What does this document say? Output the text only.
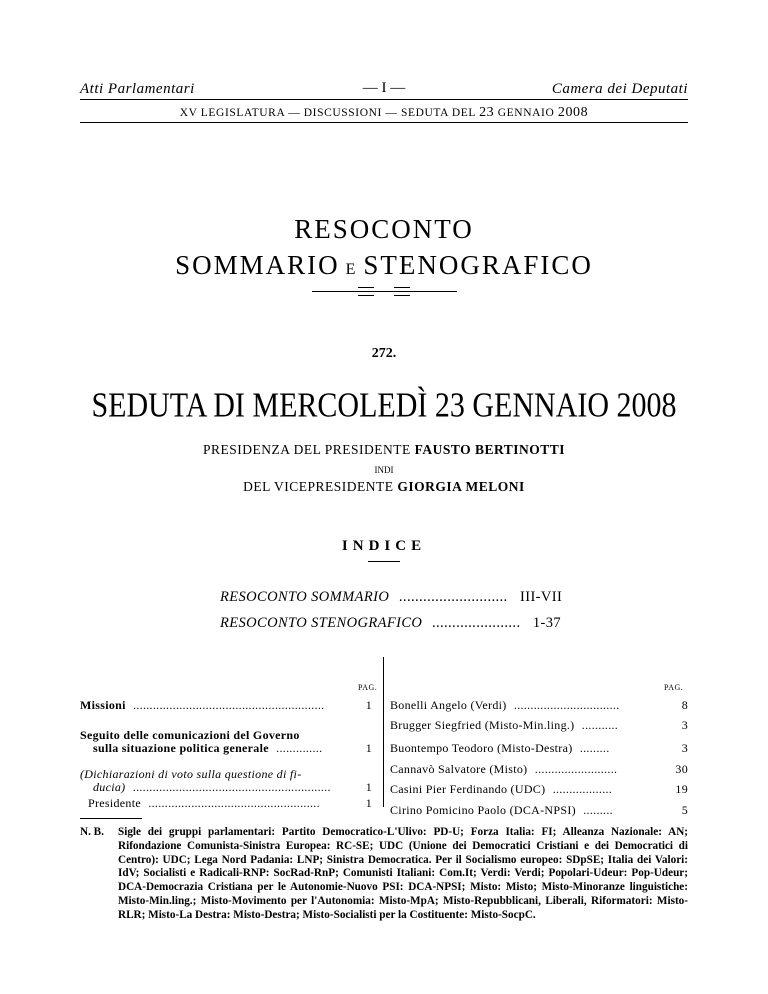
Atti Parlamentari	— I —	Camera dei Deputati
XV LEGISLATURA — DISCUSSIONI — SEDUTA DEL 23 GENNAIO 2008
RESOCONTO
SOMMARIO E STENOGRAFICO
272.
SEDUTA DI MERCOLEDÌ 23 GENNAIO 2008
PRESIDENZA DEL PRESIDENTE FAUSTO BERTINOTTI
INDI
DEL VICEPRESIDENTE GIORGIA MELONI
INDICE
RESOCONTO SOMMARIO ........................... III-VII
RESOCONTO STENOGRAFICO ...................... 1-37
PAG.	PAG.
Missioni ..........................................................	1
Seguito delle comunicazioni del Governo
sulla situazione politica generale ..............	1
(Dichiarazioni di voto sulla questione di fi-
ducia) ............................................................	1
Presidente ....................................................	1
Bonelli Angelo (Verdi) ................................	8
Brugger Siegfried (Misto-Min.ling.) ...........	3
Buontempo Teodoro (Misto-Destra) .........	3
Cannavò Salvatore (Misto) .........................	30
Casini Pier Ferdinando (UDC) ..................	19
Cirino Pomicino Paolo (DCA-NPSI) .........	5
N. B. Sigle dei gruppi parlamentari: Partito Democratico-L'Ulivo: PD-U; Forza Italia: FI; Alleanza Nazionale: AN; Rifondazione Comunista-Sinistra Europea: RC-SE; UDC (Unione dei Democratici Cristiani e dei Democratici di Centro): UDC; Lega Nord Padania: LNP; Sinistra Democratica. Per il Socialismo europeo: SDpSE; Italia dei Valori: IdV; Socialisti e Radicali-RNP: SocRad-RnP; Comunisti Italiani: Com.It; Verdi: Verdi; Popolari-Udeur: Pop-Udeur; DCA-Democrazia Cristiana per le Autonomie-Nuovo PSI: DCA-NPSI; Misto: Misto; Misto-Minoranze linguistiche: Misto-Min.ling.; Misto-Movimento per l'Autonomia: Misto-MpA; Misto-Repubblicani, Liberali, Riformatori: Misto-RLR; Misto-La Destra: Misto-Destra; Misto-Socialisti per la Costituente: Misto-SocpC.
